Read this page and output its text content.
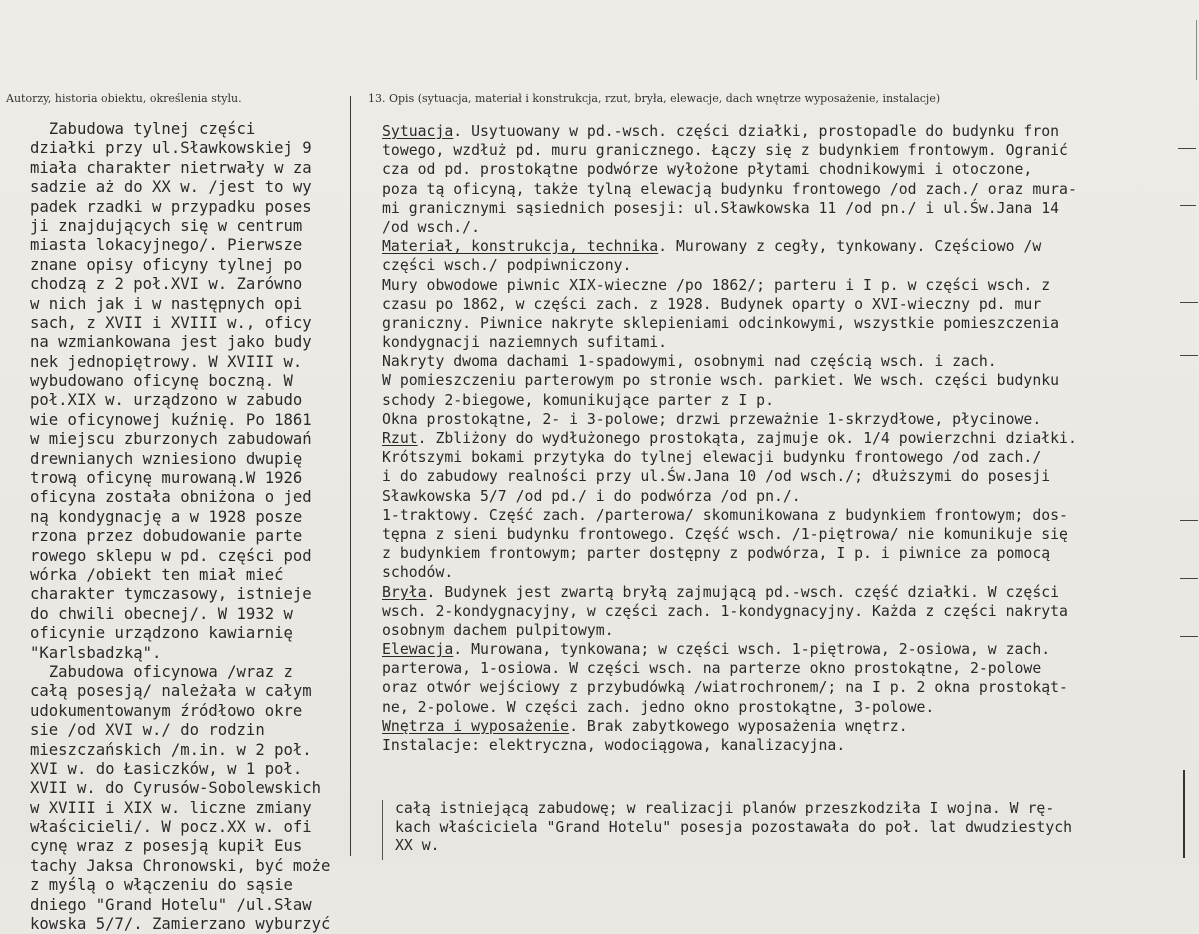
Autorzy, historia obiektu, określenia stylu.	13. Opis (sytuacja, materiał i konstrukcja, rzut, bryła, elewacje, dach wnętrze wyposażenie, instalacje)
Zabudowa tylnej części
działki przy ul.Sławkowskiej 9
miała charakter nietrwały w za
sadzie aż do XX w. /jest to wy
padek rzadki w przypadku poses
ji znajdujących się w centrum
miasta lokacyjnego/. Pierwsze
znane opisy oficyny tylnej po
chodzą z 2 poł.XVI w. Zarówno
w nich jak i w następnych opi
sach, z XVII i XVIII w., oficy
na wzmiankowana jest jako budy
nek jednopiętrowy. W XVIII w.
wybudowano oficynę boczną. W
poł.XIX w. urządzono w zabudo
wie oficynowej kuźnię. Po 1861
w miejscu zburzonych zabudowań
drewnianych wzniesiono dwupię
trową oficynę murowaną.W 1926
oficyna została obniżona o jed
ną kondygnację a w 1928 posze
rzona przez dobudowanie parte
rowego sklepu w pd. części pod
wórka /obiekt ten miał mieć
charakter tymczasowy, istnieje
do chwili obecnej/. W 1932 w
oficynie urządzono kawiarnię
"Karlsbadzką".
Zabudowa oficynowa /wraz z
całą posesją/ należała w całym
udokumentowanym źródłowo okre
sie /od XVI w./ do rodzin
mieszczańskich /m.in. w 2 poł.
XVI w. do Łasiczków, w 1 poł.
XVII w. do Cyrusów-Sobolewskich
w XVIII i XIX w. liczne zmiany
właścicieli/. W pocz.XX w. ofi
cynę wraz z posesją kupił Eus
tachy Jaksa Chronowski, być może
z myślą o włączeniu do sąsie
dniego "Grand Hotelu" /ul.Sław
kowska 5/7/. Zamierzano wyburzyć
Sytuacja. Usytuowany w pd.-wsch. części działki, prostopadle do budynku fron
towego, wzdłuż pd. muru granicznego. Łączy się z budynkiem frontowym. Ogranić
cza od pd. prostokątne podwórze wyłożone płytami chodnikowymi i otoczone,
poza tą oficyną, także tylną elewacją budynku frontowego /od zach./ oraz mura-
mi granicznymi sąsiednich posesji: ul.Sławkowska 11 /od pn./ i ul.Św.Jana 14
/od wsch./.
Materiał, konstrukcja, technika. Murowany z cegły, tynkowany. Częściowo /w
części wsch./ podpiwniczony.
Mury obwodowe piwnic XIX-wieczne /po 1862/; parteru i I p. w części wsch. z
czasu po 1862, w części zach. z 1928. Budynek oparty o XVI-wieczny pd. mur
graniczny. Piwnice nakryte sklepieniami odcinkowymi, wszystkie pomieszczenia
kondygnacji naziemnych sufitami.
Nakryty dwoma dachami 1-spadowymi, osobnymi nad częścią wsch. i zach.
W pomieszczeniu parterowym po stronie wsch. parkiet. We wsch. części budynku
schody 2-biegowe, komunikujące parter z I p.
Okna prostokątne, 2- i 3-polowe; drzwi przeważnie 1-skrzydłowe, płycinowe.
Rzut. Zbliżony do wydłużonego prostokąta, zajmuje ok. 1/4 powierzchni działki.
Krótszymi bokami przytyka do tylnej elewacji budynku frontowego /od zach./
i do zabudowy realności przy ul.Św.Jana 10 /od wsch./; dłuższymi do posesji
Sławkowska 5/7 /od pd./ i do podwórza /od pn./.
1-traktowy. Część zach. /parterowa/ skomunikowana z budynkiem frontowym; dos-
tępna z sieni budynku frontowego. Część wsch. /1-piętrowa/ nie komunikuje się
z budynkiem frontowym; parter dostępny z podwórza, I p. i piwnice za pomocą
schodów.
Bryła. Budynek jest zwartą bryłą zajmującą pd.-wsch. część działki. W części
wsch. 2-kondygnacyjny, w części zach. 1-kondygnacyjny. Każda z części nakryta
osobnym dachem pulpitowym.
Elewacja. Murowana, tynkowana; w części wsch. 1-piętrowa, 2-osiowa, w zach.
parterowa, 1-osiowa. W części wsch. na parterze okno prostokątne, 2-polowe
oraz otwór wejściowy z przybudówką /wiatrochronem/; na I p. 2 okna prostokąt-
ne, 2-polowe. W części zach. jedno okno prostokątne, 3-polowe.
Wnętrza i wyposażenie. Brak zabytkowego wyposażenia wnętrz.
Instalacje: elektryczna, wodociągowa, kanalizacyjna.
całą istniejącą zabudowę; w realizacji planów przeszkodziła I wojna. W rę-
kach właściciela "Grand Hotelu" posesja pozostawała do poł. lat dwudziestych
XX w.
